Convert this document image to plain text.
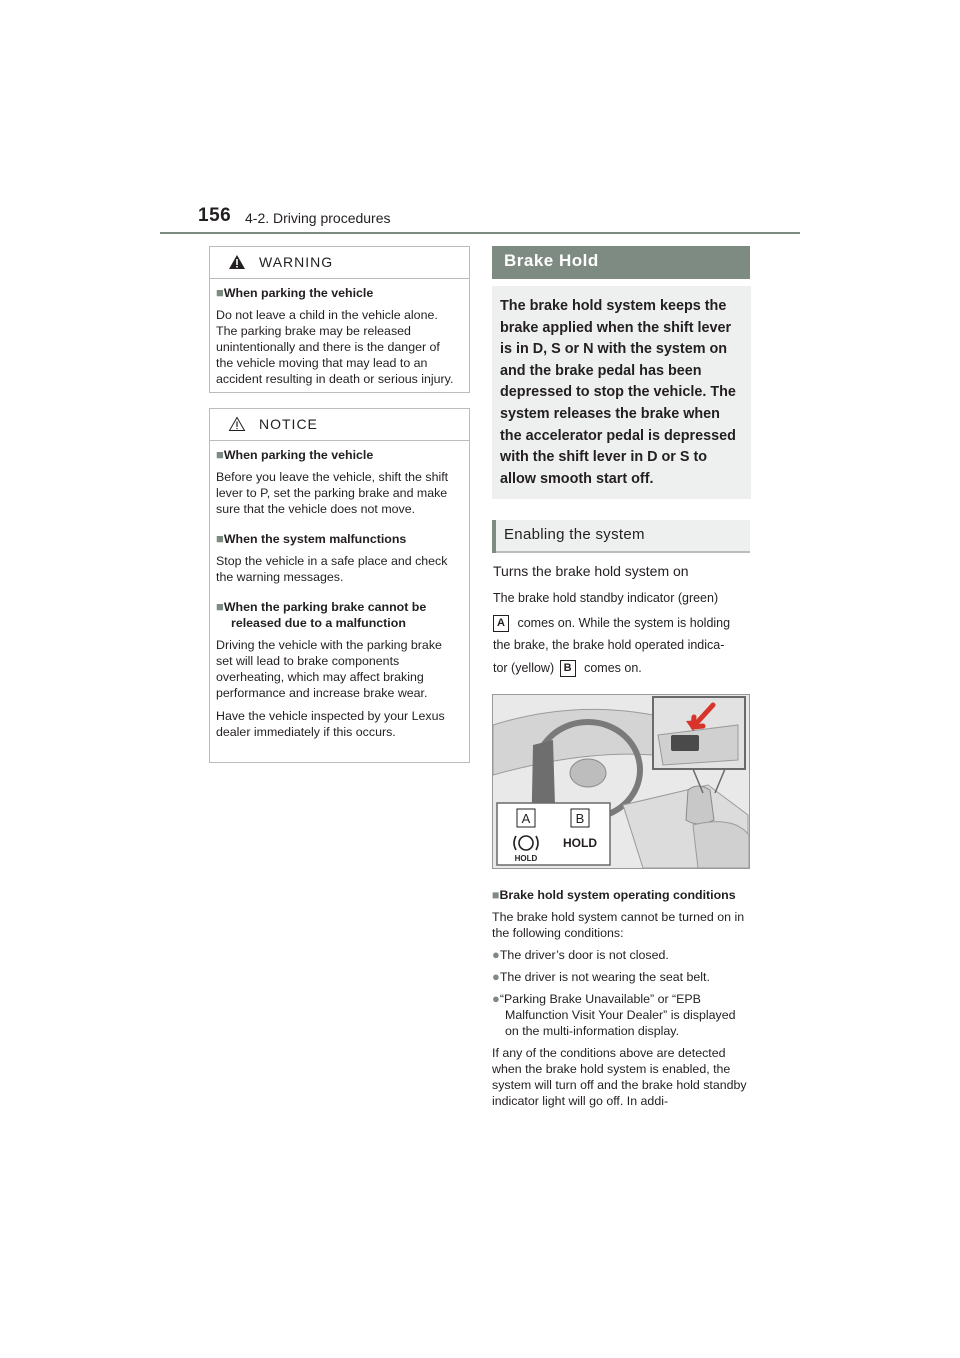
156 4-2. Driving procedures
WARNING
■When parking the vehicle
Do not leave a child in the vehicle alone. The parking brake may be released unintentionally and there is the danger of the vehicle moving that may lead to an accident resulting in death or serious injury.
NOTICE
■When parking the vehicle
Before you leave the vehicle, shift the shift lever to P, set the parking brake and make sure that the vehicle does not move.
■When the system malfunctions
Stop the vehicle in a safe place and check the warning messages.
■When the parking brake cannot be released due to a malfunction
Driving the vehicle with the parking brake set will lead to brake components overheating, which may affect braking performance and increase brake wear.
Have the vehicle inspected by your Lexus dealer immediately if this occurs.
Brake Hold
The brake hold system keeps the brake applied when the shift lever is in D, S or N with the system on and the brake pedal has been depressed to stop the vehicle. The system releases the brake when the accelerator pedal is depressed with the shift lever in D or S to allow smooth start off.
Enabling the system
Turns the brake hold system on
The brake hold standby indicator (green)
A comes on. While the system is holding
the brake, the brake hold operated indica-
tor (yellow) B comes on.
A	B
HOLD
HOLD
■Brake hold system operating conditions
The brake hold system cannot be turned on in the following conditions:
●The driver’s door is not closed.
●The driver is not wearing the seat belt.
●“Parking Brake Unavailable” or “EPB Malfunction Visit Your Dealer” is displayed on the multi-information display.
If any of the conditions above are detected when the brake hold system is enabled, the system will turn off and the brake hold standby indicator light will go off. In addi-
